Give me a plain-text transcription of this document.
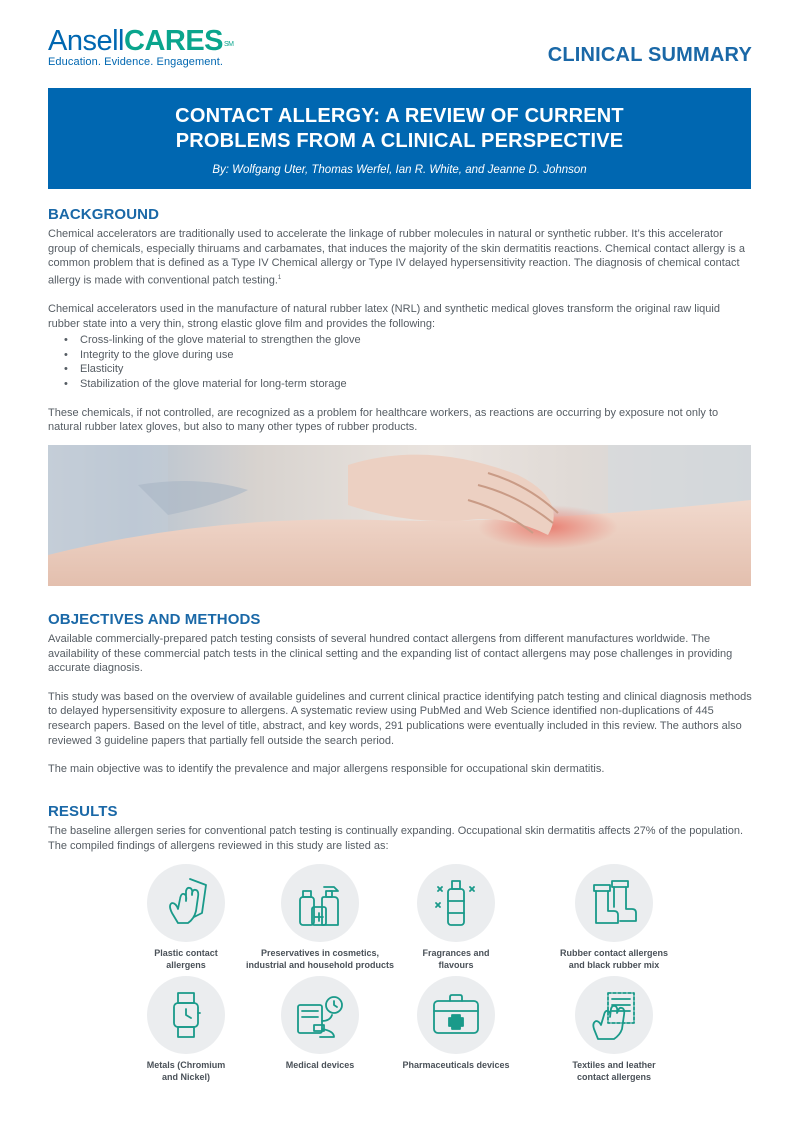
AnsellCARES℠
Education. Evidence. Engagement.	CLINICAL SUMMARY
CONTACT ALLERGY: A REVIEW OF CURRENT
PROBLEMS FROM A CLINICAL PERSPECTIVE
By: Wolfgang Uter, Thomas Werfel, Ian R. White, and Jeanne D. Johnson
BACKGROUND

Chemical accelerators are traditionally used to accelerate the linkage of rubber molecules in natural or synthetic rubber. It’s this accelerator group of chemicals, especially thiruams and carbamates, that induces the majority of the skin dermatitis reactions. Chemical contact allergy is a common problem that is defined as a Type IV Chemical allergy or Type IV delayed hypersensitivity reaction. The diagnosis of chemical contact allergy is made with conventional patch testing.$^1$

Chemical accelerators used in the manufacture of natural rubber latex (NRL) and synthetic medical gloves transform the original raw liquid rubber state into a very thin, strong elastic glove film and provides the following:

• Cross-linking of the glove material to strengthen the glove
• Integrity to the glove during use
• Elasticity
• Stabilization of the glove material for long-term storage

These chemicals, if not controlled, are recognized as a problem for healthcare workers, as reactions are occurring by exposure not only to natural rubber latex gloves, but also to many other types of rubber products.

OBJECTIVES AND METHODS

Available commercially-prepared patch testing consists of several hundred contact allergens from different manufactures worldwide. The availability of these commercial patch tests in the clinical setting and the expanding list of contact allergens may pose challenges in providing accurate diagnosis.

This study was based on the overview of available guidelines and current clinical practice identifying patch testing and clinical diagnosis methods to delayed hypersensitivity exposure to allergens. A systematic review using PubMed and Web Science identified non-duplications of 445 research papers. Based on the level of title, abstract, and key words, 291 publications were eventually included in this review. The authors also reviewed 3 guideline papers that partially fell outside the search period.

The main objective was to identify the prevalence and major allergens responsible for occupational skin dermatitis.

RESULTS

The baseline allergen series for conventional patch testing is continually expanding. Occupational skin dermatitis affects 27% of the population. The compiled findings of allergens reviewed in this study are listed as:

Plastic contact
allergens
Preservatives in cosmetics,
industrial and household products
Fragrances and
flavours
Rubber contact allergens
and black rubber mix
Metals (Chromium
and Nickel)
Medical devices	Pharmaceuticals devices	Textiles and leather
contact allergens
